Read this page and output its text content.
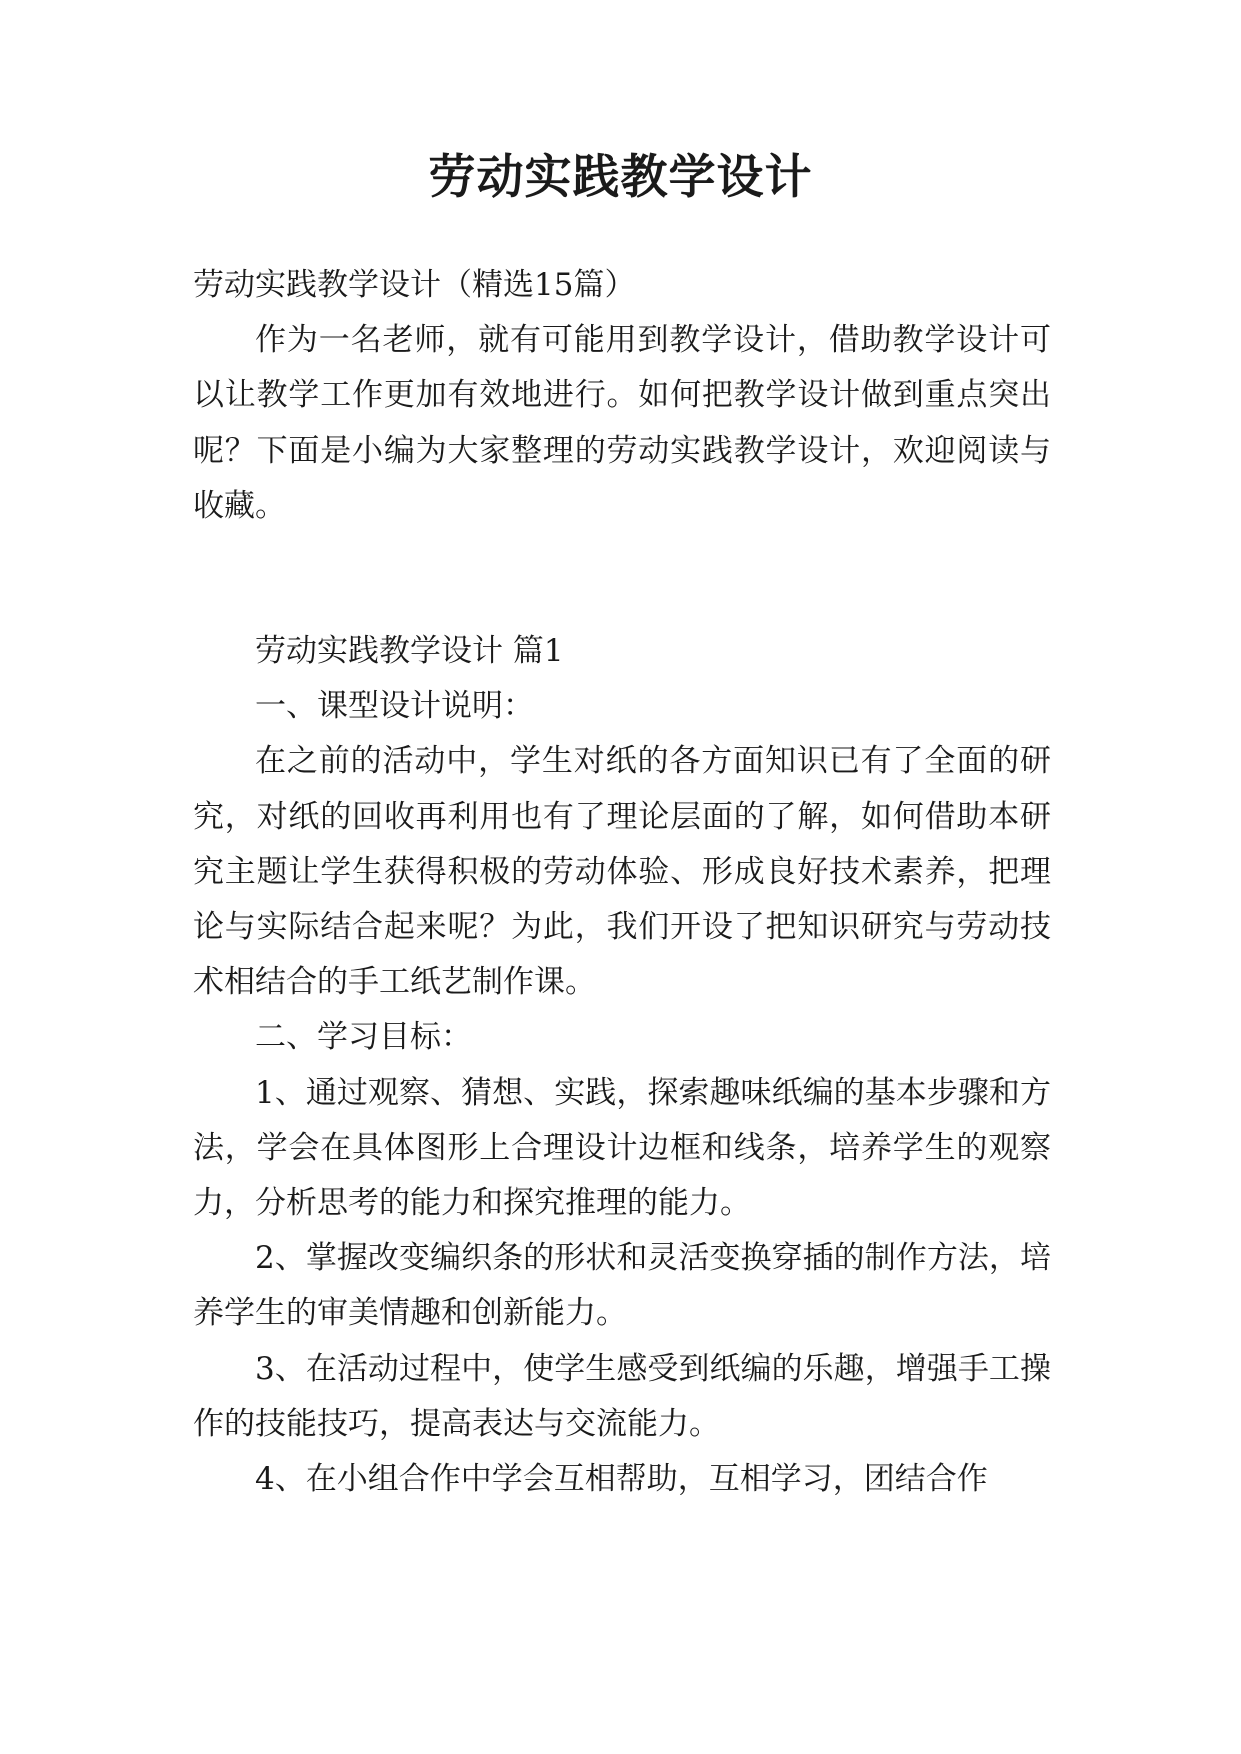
劳动实践教学设计

劳动实践教学设计（精选15篇）

作为一名老师，就有可能用到教学设计，借助教学设计可以让教学工作更加有效地进行。如何把教学设计做到重点突出呢？下面是小编为大家整理的劳动实践教学设计，欢迎阅读与收藏。

劳动实践教学设计 篇1

一、课型设计说明：

在之前的活动中，学生对纸的各方面知识已有了全面的研究，对纸的回收再利用也有了理论层面的了解，如何借助本研究主题让学生获得积极的劳动体验、形成良好技术素养，把理论与实际结合起来呢？为此，我们开设了把知识研究与劳动技术相结合的手工纸艺制作课。

二、学习目标：

1、通过观察、猜想、实践，探索趣味纸编的基本步骤和方法，学会在具体图形上合理设计边框和线条，培养学生的观察力，分析思考的能力和探究推理的能力。

2、掌握改变编织条的形状和灵活变换穿插的制作方法，培养学生的审美情趣和创新能力。

3、在活动过程中，使学生感受到纸编的乐趣，增强手工操作的技能技巧，提高表达与交流能力。

4、在小组合作中学会互相帮助，互相学习，团结合作
